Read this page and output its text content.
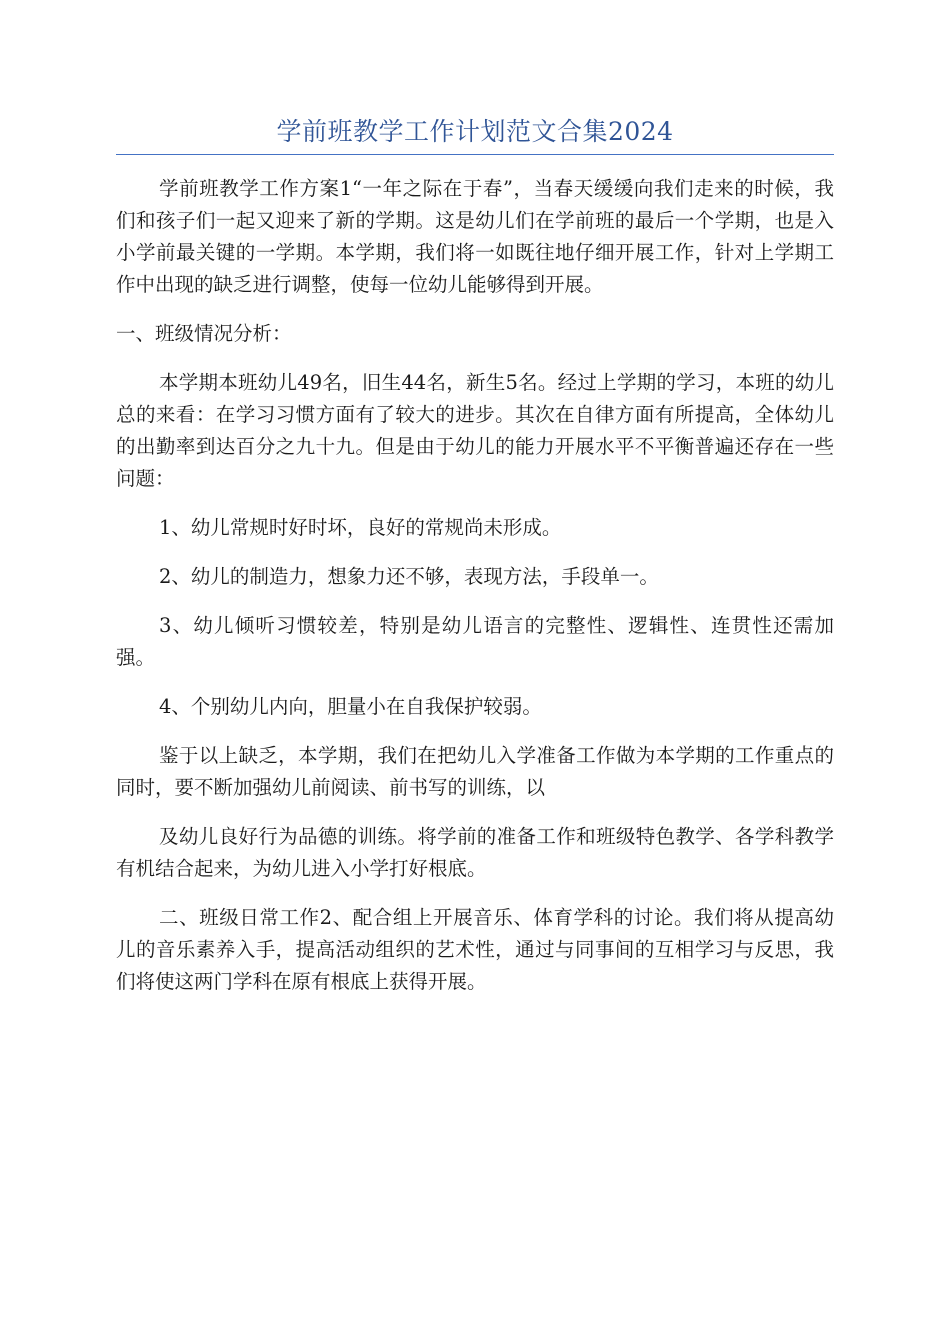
学前班教学工作计划范文合集2024

学前班教学工作方案1“一年之际在于春”，当春天缓缓向我们走来的时候，我们和孩子们一起又迎来了新的学期。这是幼儿们在学前班的最后一个学期，也是入小学前最关键的一学期。本学期，我们将一如既往地仔细开展工作，针对上学期工作中出现的缺乏进行调整，使每一位幼儿能够得到开展。

一、班级情况分析：

本学期本班幼儿49名，旧生44名，新生5名。经过上学期的学习，本班的幼儿总的来看：在学习习惯方面有了较大的进步。其次在自律方面有所提高，全体幼儿的出勤率到达百分之九十九。但是由于幼儿的能力开展水平不平衡普遍还存在一些问题：

1、幼儿常规时好时坏，良好的常规尚未形成。

2、幼儿的制造力，想象力还不够，表现方法，手段单一。

3、幼儿倾听习惯较差，特别是幼儿语言的完整性、逻辑性、连贯性还需加强。

4、个别幼儿内向，胆量小在自我保护较弱。

鉴于以上缺乏，本学期，我们在把幼儿入学准备工作做为本学期的工作重点的同时，要不断加强幼儿前阅读、前书写的训练，以

及幼儿良好行为品德的训练。将学前的准备工作和班级特色教学、各学科教学有机结合起来，为幼儿进入小学打好根底。

二、班级日常工作2、配合组上开展音乐、体育学科的讨论。我们将从提高幼儿的音乐素养入手，提高活动组织的艺术性，通过与同事间的互相学习与反思，我们将使这两门学科在原有根底上获得开展。
